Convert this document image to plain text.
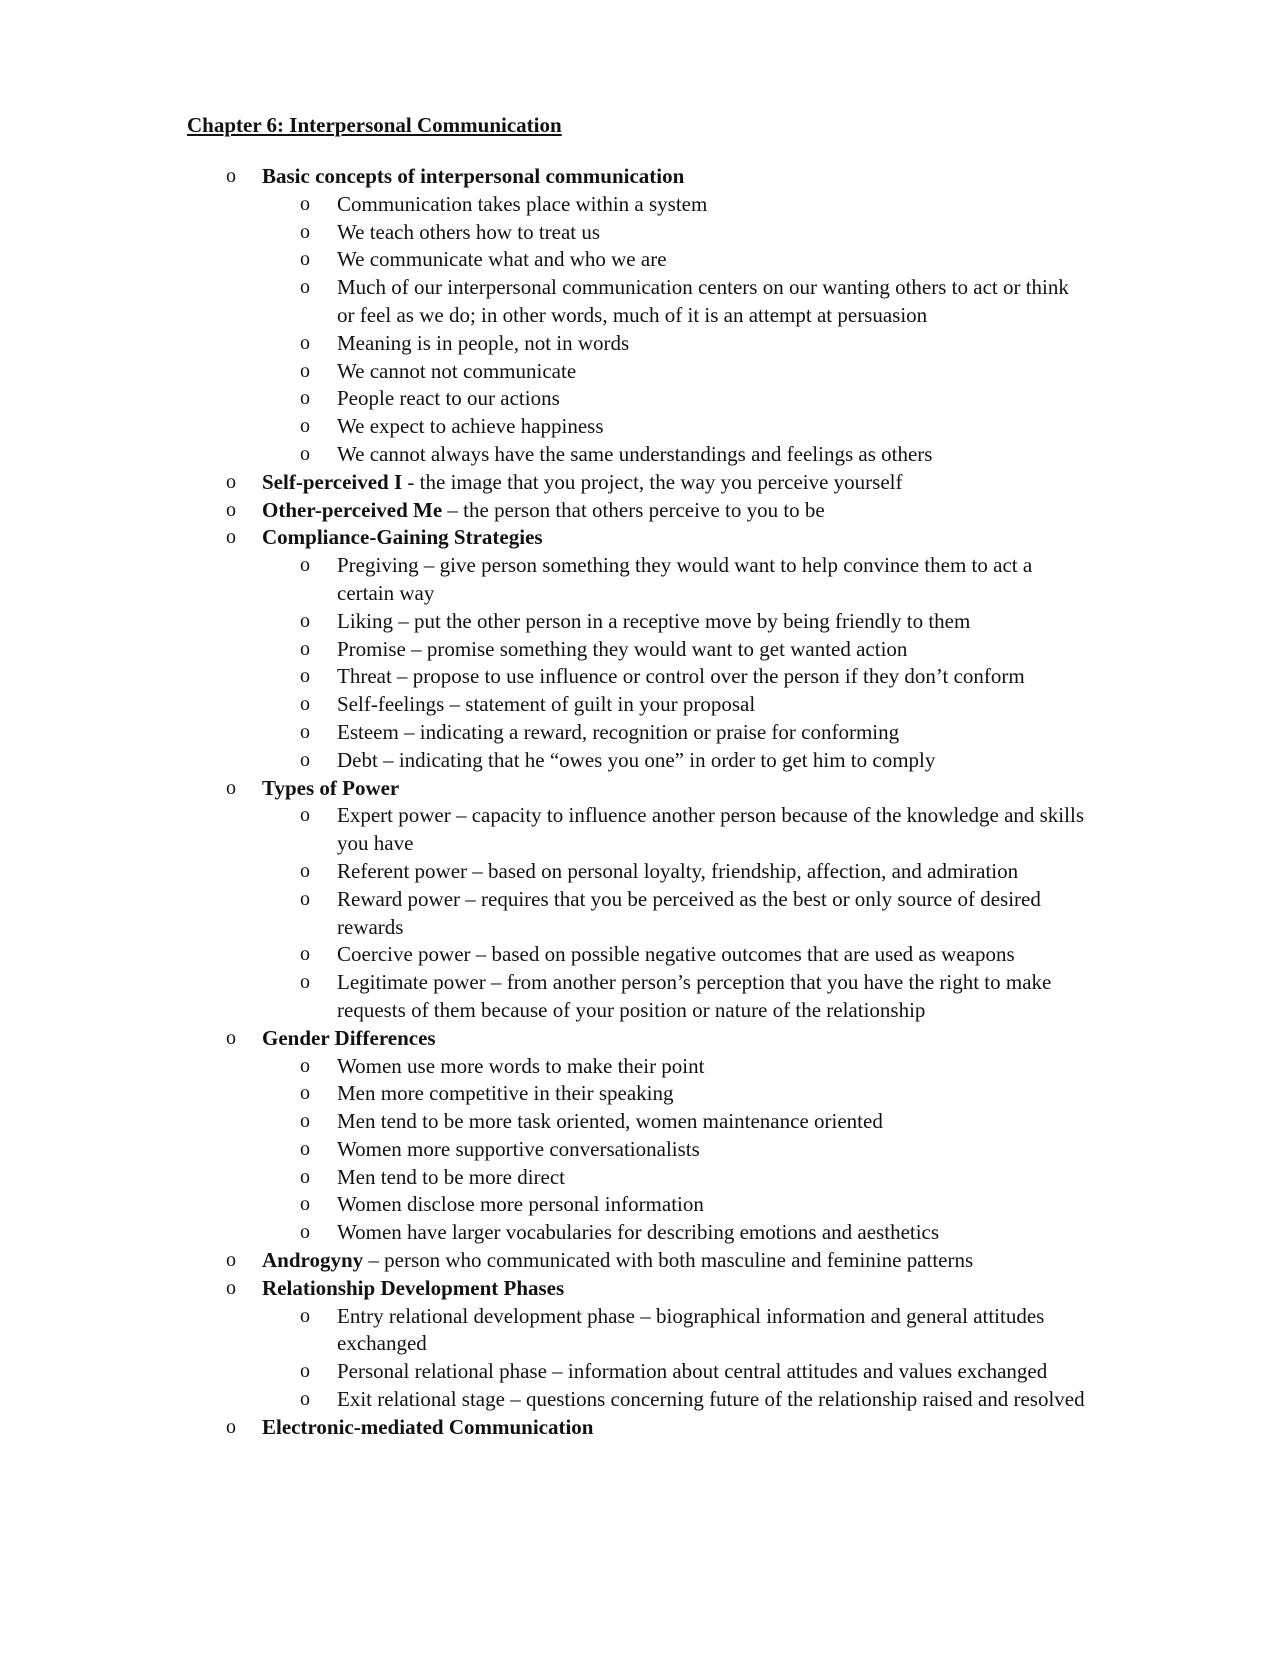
Chapter 6: Interpersonal Communication
o Basic concepts of interpersonal communication
o Communication takes place within a system
o We teach others how to treat us
o We communicate what and who we are
o Much of our interpersonal communication centers on our wanting others to act or think or feel as we do; in other words, much of it is an attempt at persuasion
o Meaning is in people, not in words
o We cannot not communicate
o People react to our actions
o We expect to achieve happiness
o We cannot always have the same understandings and feelings as others
o Self-perceived I - the image that you project, the way you perceive yourself
o Other-perceived Me – the person that others perceive to you to be
o Compliance-Gaining Strategies
o Pregiving – give person something they would want to help convince them to act a certain way
o Liking – put the other person in a receptive move by being friendly to them
o Promise – promise something they would want to get wanted action
o Threat – propose to use influence or control over the person if they don’t conform
o Self-feelings – statement of guilt in your proposal
o Esteem – indicating a reward, recognition or praise for conforming
o Debt – indicating that he “owes you one” in order to get him to comply
o Types of Power
o Expert power – capacity to influence another person because of the knowledge and skills you have
o Referent power – based on personal loyalty, friendship, affection, and admiration
o Reward power – requires that you be perceived as the best or only source of desired rewards
o Coercive power – based on possible negative outcomes that are used as weapons
o Legitimate power – from another person’s perception that you have the right to make requests of them because of your position or nature of the relationship
o Gender Differences
o Women use more words to make their point
o Men more competitive in their speaking
o Men tend to be more task oriented, women maintenance oriented
o Women more supportive conversationalists
o Men tend to be more direct
o Women disclose more personal information
o Women have larger vocabularies for describing emotions and aesthetics
o Androgyny – person who communicated with both masculine and feminine patterns
o Relationship Development Phases
o Entry relational development phase – biographical information and general attitudes exchanged
o Personal relational phase – information about central attitudes and values exchanged
o Exit relational stage – questions concerning future of the relationship raised and resolved
o Electronic-mediated Communication
